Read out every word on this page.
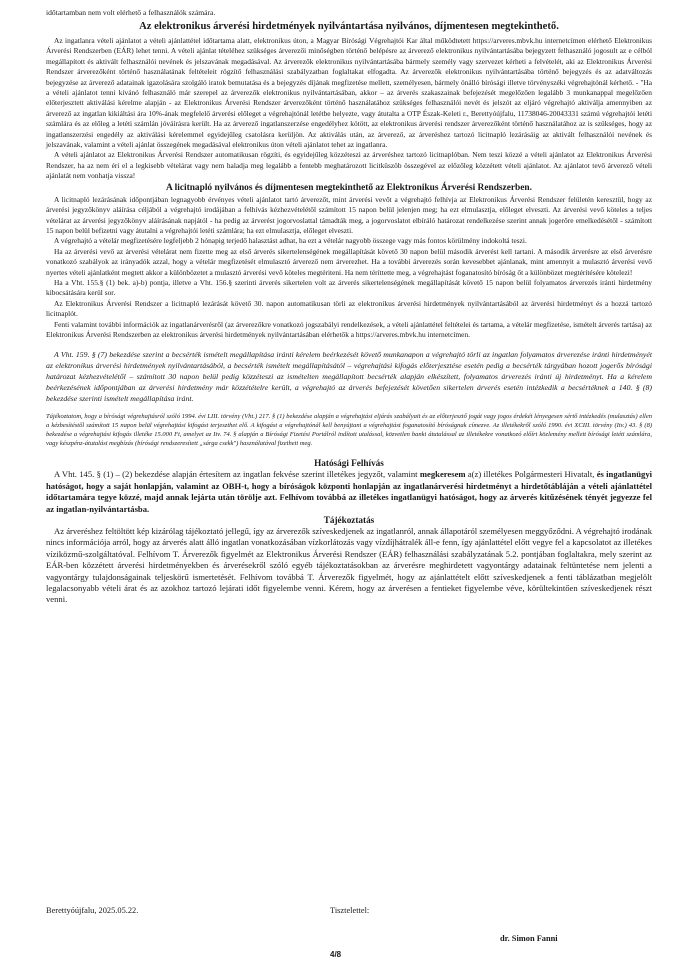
időtartamban nem volt elérhető a felhasználók számára.

Az elektronikus árverési hirdetmények nyilvántartása nyilvános, díjmentesen megtekinthető.

Az ingatlanra vételi ajánlatot a vételi ajánlattétel időtartama alatt, elektronikus úton, a Magyar Bírósági Végrehajtói Kar által működtetett https://arveres.mbvk.hu internetcímen elérhető Elektronikus Árverési Rendszerben (EÁR) lehet tenni. A vételi ajánlat tételéhez szükséges árverezői minőségben történő belépésre az árverező elektronikus nyilvántartásába bejegyzett felhasználó jogosult az e célból megállapított és aktivált felhasználói nevének és jelszavának megadásával. Az árverezők elektronikus nyilvántartásába bármely személy vagy szervezet kérheti a felvételét, aki az Elektronikus Árverési Rendszer árverezőként történő használatának feltételeit rögzítő felhasználási szabályzatban foglaltakat elfogadta. Az árverezők elektronikus nyilvántartásába történő bejegyzés és az adatváltozás bejegyzése az árverező adatainak igazolására szolgáló iratok bemutatása és a bejegyzés díjának megfizetése mellett, személyesen, bármely önálló bírósági illetve törvényszéki végrehajtónál kérhető. - "Ha a vételi ajánlatot tenni kívánó felhasználó már szerepel az árverezők elektronikus nyilvántartásában, akkor – az árverés szakaszainak befejezését megelőzően legalább 3 munkanappal megelőzően előterjesztett aktiválási kérelme alapján - az Elektronikus Árverési Rendszer árverezőként történő használatához szükséges felhasználói nevét és jelszót az eljáró végrehajtó aktiválja amennyiben az árverező az ingatlan kikiáltási ára 10%-ának megfelelő árverési előleget a végrehajtónál letétbe helyezte, vagy átutalta a OTP Észak-Keleti r., Berettyóújfalu, 11738046-20043331 számú végrehajtói letéti számlára és az előleg a letéti számlán jóváírásra került. Ha az árverező ingatlanszerzése engedélyhez kötött, az elektronikus árverési rendszer árverezőként történő használatához az is szükséges, hogy az ingatlanszerzési engedély az aktiválási kérelemmel egyidejűleg csatolásra kerüljön. Az aktiválás után, az árverező, az árveréshez tartozó licitnapló lezárásáig az aktivált felhasználói nevének és jelszavának, valamint a vételi ajánlat összegének megadásával elektronikus úton vételi ajánlatot tehet az ingatlanra.

A vételi ajánlatot az Elektronikus Árverési Rendszer automatikusan rögzíti, és egyidejűleg közzéteszi az árveréshez tartozó licitnaplóban. Nem teszi közzé a vételi ajánlatot az Elektronikus Árverési Rendszer, ha az nem éri el a legkisebb vételárat vagy nem haladja meg legalább a fentebb meghatározott licitküszöb összegével az előzőleg közzétett vételi ajánlatot. Az ajánlatot tevő árverező vételi ajánlatát nem vonhatja vissza!

A licitnapló nyilvános és díjmentesen megtekinthető az Elektronikus Árverési Rendszerben.

A licitnapló lezárásának időpontjában legnagyobb érvényes vételi ajánlatot tartó árverezőt, mint árverési vevőt a végrehajtó felhívja az Elektronikus Árverési Rendszer felületén keresztül, hogy az árverési jegyzőkönyv aláírása céljából a végrehajtó irodájában a felhívás kézhezvételétől számított 15 napon belül jelenjen meg; ha ezt elmulasztja, előleget elveszti. Az árverési vevő köteles a teljes vételárat az árverési jegyzőkönyv aláírásának napjától - ha pedig az árverést jogorvoslattal támadták meg, a jogorvoslatot elbíráló határozat rendelkezése szerint annak jogerőre emelkedésétől - számított 15 napon belül befizetni vagy átutalni a végrehajtói letéti számlára; ha ezt elmulasztja, előleget elveszti.

A végrehajtó a vételár megfizetésére legfeljebb 2 hónapig terjedő halasztást adhat, ha ezt a vételár nagyobb összege vagy más fontos körülmény indokoltá teszi.

Ha az árverési vevő az árverési vételárat nem fizette meg az első árverés sikertelenségének megállapítását követő 30 napon belül második árverést kell tartani. A második árverésre az első árverésre vonatkozó szabályok az irányadók azzal, hogy a vételár megfizetését elmulasztó árverező nem árverezhet. Ha a további árverezés során kevesebbet ajánlanak, mint amennyit a mulasztó árverési vevő nyertes vételi ajánlatként megtett akkor a különbözetet a mulasztó árverési vevő köteles megtériteni. Ha nem téríttette meg, a végrehajtást foganatosító bíróság őt a különbözet megtérítésére kötelezi!

Ha a Vht. 155.§ (1) bek. a)-b) pontja, illetve a Vht. 156.§ szerinti árverés sikertelen volt az árverés sikertelenségének megállapítását követő 15 napon belül folyamatos árverezés iránti hirdetmény kibocsátására kerül sor.

Az Elektronikus Árverési Rendszer a licitnapló lezárását követő 30. napon automatikusan törli az elektronikus árverési hirdetmények nyilvántartásából az árverési hirdetményt és a hozzá tartozó licitnaplót.

Fenti valamint további információk az ingatlanárverésről (az árverezőkre vonatkozó jogszabályi rendelkezések, a vételi ajánlattétel feltételei és tartama, a vételár megfizetése, ismételt árverés tartása) az Elektronikus Árverési Rendszerben az elektronikus árverési hirdetmények nyilvántartásában elérhetők a https://arveres.mbvk.hu internetcímen.

A Vht. 159. § (7) bekezdése szerint a becsérték ismételt megállapítása iránti kérelem beérkezését követő munkanapon a végrehajtó törli az ingatlan folyamatos árverezése iránti hirdetményét az elektronikus árverési hirdetmények nyilvántartásából, a becsérték ismételt megállapításától – végrehajtási kifogás előterjesztése esetén pedig a becsérték tárgyában hozott jogerős bírósági határozat kézhezvételétől – számított 30 napon belül pedig közzéteszi az ismételten megállapított becsérték alapján elkészített, folyamatos árverezés iránti új hirdetményt. Ha a kérelem beérkezésének időpontjában az árverési hirdetmény már közzétételre került, a végrehajtó az árverés befejezését követően sikertelen árverés esetén intézkedik a becsértéknek a 140. § (8) bekezdése szerinti ismételt megállapítása iránt.

Tájékoztatom, hogy a bírósági végrehajtásról szóló 1994. évi LIII. törvény (Vht.) 217. § (1) bekezdése alapján a végrehajtási eljárás szabályait és az előterjesztő jogát vagy jogos érdekét lényegesen sértő intézkedés (mulasztás) ellen a kézbesítéstől számított 15 napon belül végrehajtási kifogást terjeszthet elő. A kifogást a végrehajtónál kell benyújtani a végrehajtást foganatosító bíróságnak címezve. Az illetékekről szóló 1990. évi XCIII. törvény (Itv.) 43. § (8) bekezdése a végrehajtási kifogás illetéke 15.000 Ft, amelyet az Itv. 74. § alapján a Bírósági Fizetési Portálról indított utalással, közvetlen banki átutalással az illetékekre vonatkozó előírt közlemény mellett bírósági letéti számlára, vagy készpénz-átutalási megbízás (bírósági rendszeresített „sárga csekk") használatával fizetheti meg.

Hatósági Felhívás

A Vht. 145. § (1) – (2) bekezdése alapján értesítem az ingatlan fekvése szerint illetékes jegyzőt, valamint megkeresem a(z) illetékes Polgármesteri Hivatalt, és ingatlanügyi hatóságot, hogy a saját honlapján, valamint az OBH-t, hogy a bíróságok központi honlapján az ingatlanárverési hirdetményt a hirdetőtábláján a vételi ajánlattétel időtartamára tegye közzé, majd annak lejárta után törölje azt. Felhívom továbbá az illetékes ingatlanügyi hatóságot, hogy az árverés kitűzésének tényét jegyezze fel az ingatlan-nyilvántartásba.

Tájékoztatás

Az árveréshez feltöltött kép kizárólag tájékoztató jellegű, így az árverezők szíveskedjenek az ingatlanról, annak állapotáról személyesen meggyőződni. A végrehajtó irodának nincs információja arról, hogy az árverés alatt álló ingatlan vonatkozásában vízkorlátozás vagy vízdíjhátralék áll-e fenn, így ajánlattétel előtt vegye fel a kapcsolatot az illetékes víziközmű-szolgáltatóval. Felhívom T. Árverezők figyelmét az Elektronikus Árverési Rendszer (EÁR) felhasználási szabályzatának 5.2. pontjában foglaltakra, mely szerint az EÁR-ben közzétett árverési hirdetményekben és árverésekről szóló egyéb tájékoztatásokban az árverésre meghirdetett vagyontárgy adatainak feltüntetése nem jelenti a vagyontárgy tulajdonságainak teljeskörű ismertetését. Felhívom továbbá T. Árverezők figyelmét, hogy az ajánlattételt előtt szíveskedjenek a fenti táblázatban megjelölt legalacsonyabb vételi árat és az azokhoz tartozó lejárati időt figyelembe venni. Kérem, hogy az árverésen a fentieket figyelembe véve, körültekintően szíveskedjenek részt venni.

Berettyóújfalu, 2025.05.22.	Tisztelettel:
dr. Simon Fanni
4/8
